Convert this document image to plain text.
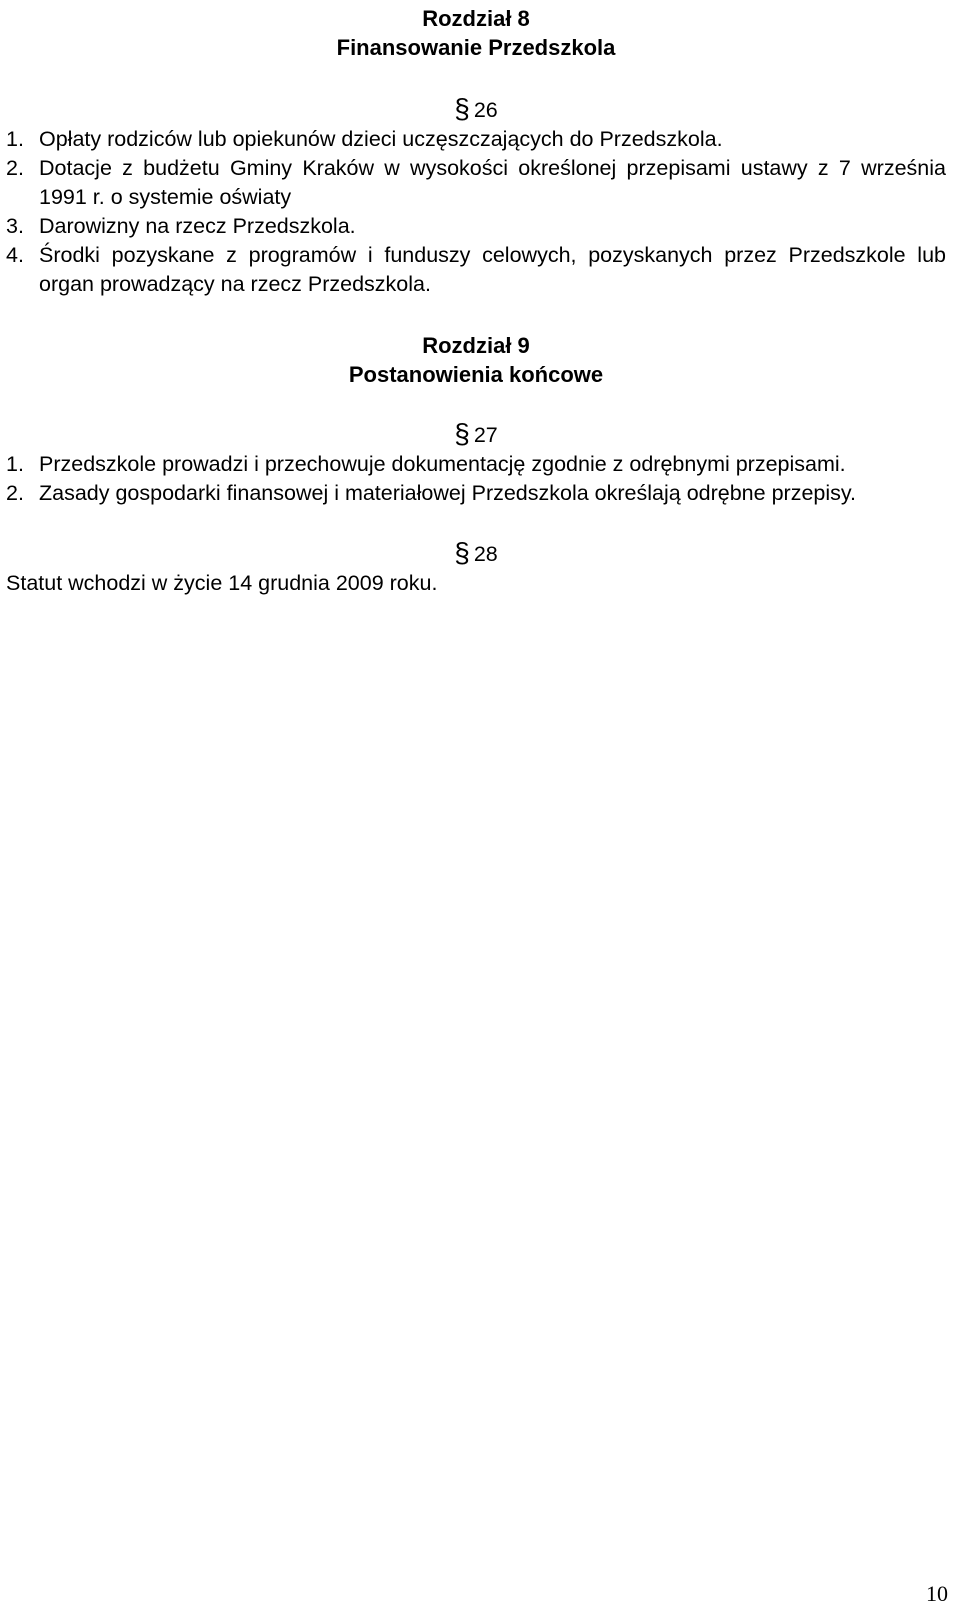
Rozdział 8
Finansowanie Przedszkola
§ 26
1. Opłaty rodziców lub opiekunów dzieci uczęszczających do Przedszkola.
2. Dotacje z budżetu Gminy Kraków w wysokości określonej przepisami ustawy z 7 września 1991 r. o systemie oświaty
3. Darowizny na rzecz Przedszkola.
4. Środki pozyskane z programów i funduszy celowych, pozyskanych przez Przedszkole lub organ prowadzący na rzecz Przedszkola.
Rozdział 9
Postanowienia końcowe
§ 27
1. Przedszkole prowadzi i przechowuje dokumentację zgodnie z odrębnymi przepisami.
2. Zasady gospodarki finansowej i materiałowej Przedszkola określają odrębne przepisy.
§ 28
Statut wchodzi w życie 14 grudnia 2009 roku.
10
